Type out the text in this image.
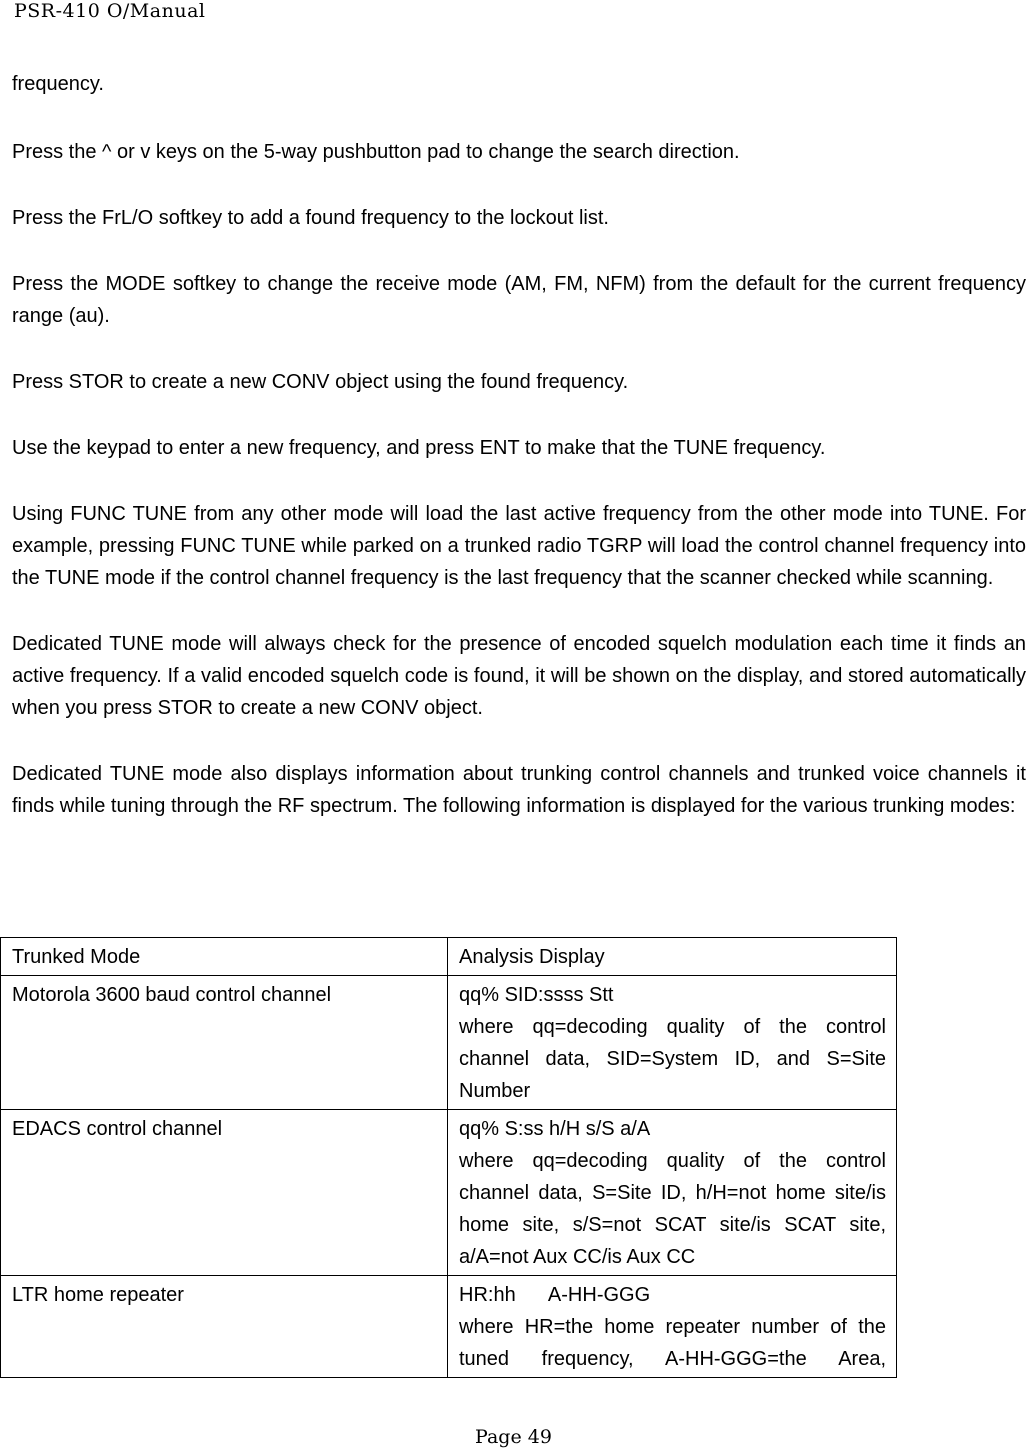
PSR-410 O/Manual

frequency.

Press the ^ or v keys on the 5-way pushbutton pad to change the search direction.

Press the FrL/O softkey to add a found frequency to the lockout list.

Press the MODE softkey to change the receive mode (AM, FM, NFM) from the default for the current frequency range (au).

Press STOR to create a new CONV object using the found frequency.

Use the keypad to enter a new frequency, and press ENT to make that the TUNE frequency.

Using FUNC TUNE from any other mode will load the last active frequency from the other mode into TUNE. For example, pressing FUNC TUNE while parked on a trunked radio TGRP will load the control channel frequency into the TUNE mode if the control channel frequency is the last frequency that the scanner checked while scanning.

Dedicated TUNE mode will always check for the presence of encoded squelch modulation each time it finds an active frequency. If a valid encoded squelch code is found, it will be shown on the display, and stored automatically when you press STOR to create a new CONV object.

Dedicated TUNE mode also displays information about trunking control channels and trunked voice channels it finds while tuning through the RF spectrum. The following information is displayed for the various trunking modes:

Trunked Mode	Analysis Display

Motorola 3600 baud control channel	qq% SID:ssss Stt
where qq=decoding quality of the control channel data, SID=System ID, and S=Site Number

EDACS control channel	qq% S:ss h/H s/S a/A
where qq=decoding quality of the control channel data, S=Site ID, h/H=not home site/is home site, s/S=not SCAT site/is SCAT site, a/A=not Aux CC/is Aux CC

LTR home repeater	HR:hh      A-HH-GGG
where HR=the home repeater number of the tuned frequency, A-HH-GGG=the Area,
Page 49
